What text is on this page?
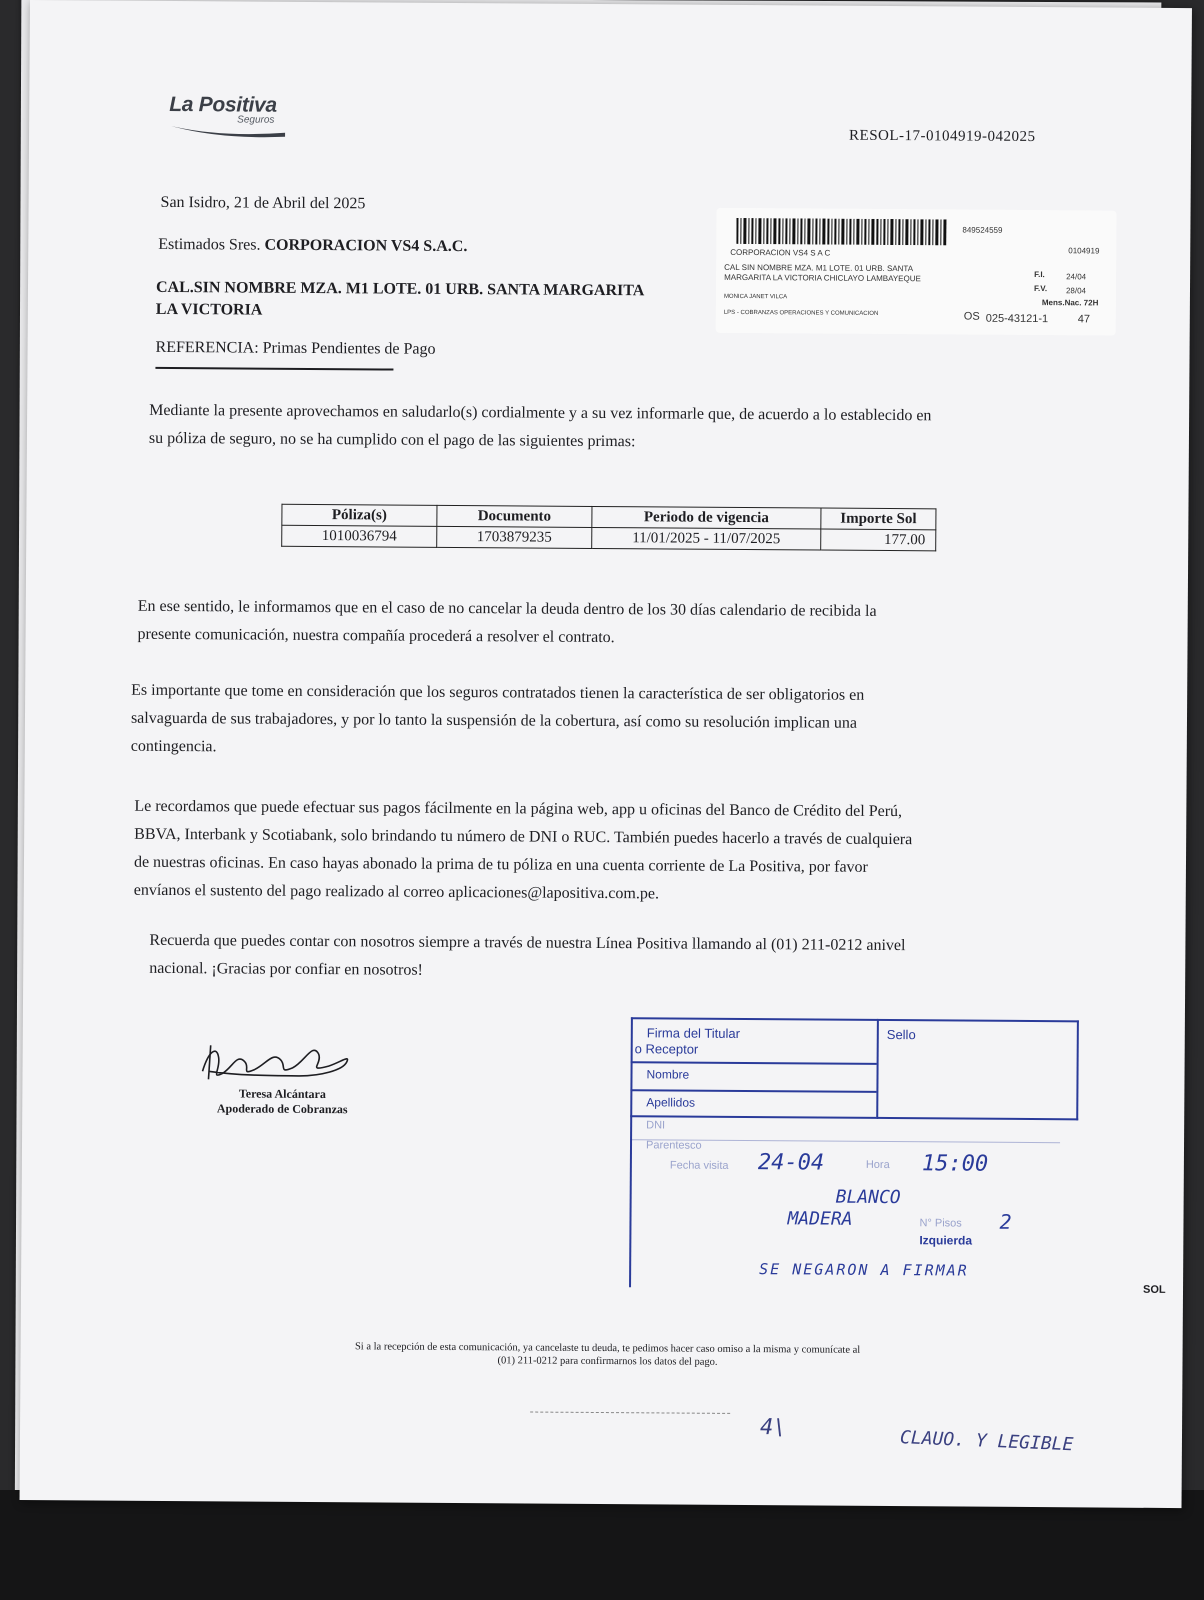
La Positiva
Seguros
RESOL-17-0104919-042025
San Isidro, 21 de Abril del 2025
Estimados Sres. CORPORACION VS4 S.A.C.
CAL.SIN NOMBRE MZA. M1 LOTE. 01 URB. SANTA MARGARITA
LA VICTORIA
REFERENCIA: Primas Pendientes de Pago
849524559
CORPORACION VS4 S A C	0104919
CAL SIN NOMBRE MZA. M1 LOTE. 01 URB. SANTA
MARGARITA LA VICTORIA CHICLAYO LAMBAYEQUE	F.I.	24/04
F.V. 28/04
Mens.Nac. 72H
MONICA JANET VILCA
LPS - COBRANZAS OPERACIONES Y COMUNICACION	OS 025-43121-1	47
Mediante la presente aprovechamos en saludarlo(s) cordialmente y a su vez informarle que, de acuerdo a lo establecido en
su póliza de seguro, no se ha cumplido con el pago de las siguientes primas:
Póliza(s)	Documento	Periodo de vigencia	Importe Sol
1010036794	1703879235	11/01/2025 - 11/07/2025	177.00
En ese sentido, le informamos que en el caso de no cancelar la deuda dentro de los 30 días calendario de recibida la
presente comunicación, nuestra compañía procederá a resolver el contrato.
Es importante que tome en consideración que los seguros contratados tienen la característica de ser obligatorios en
salvaguarda de sus trabajadores, y por lo tanto la suspensión de la cobertura, así como su resolución implican una
contingencia.
Le recordamos que puede efectuar sus pagos fácilmente en la página web, app u oficinas del Banco de Crédito del Perú,
BBVA, Interbank y Scotiabank, solo brindando tu número de DNI o RUC. También puedes hacerlo a través de cualquiera
de nuestras oficinas. En caso hayas abonado la prima de tu póliza en una cuenta corriente de La Positiva, por favor
envíanos el sustento del pago realizado al correo aplicaciones@lapositiva.com.pe.
Recuerda que puedes contar con nosotros siempre a través de nuestra Línea Positiva llamando al (01) 211-0212 anivel
nacional. ¡Gracias por confiar en nosotros!
Teresa Alcántara
Apoderado de Cobranzas
Firma del Titular
o Receptor
Sello
Nombre
Apellidos
DNI
Parentesco
Fecha visita	Hora
N° Pisos
Izquierda
24-04	15:00
BLANCO
MADERA	2
SE NEGARON A FIRMAR
SOL
Si a la recepción de esta comunicación, ya cancelaste tu deuda, te pedimos hacer caso omiso a la misma y comunícate al
(01) 211-0212 para confirmarnos los datos del pago.
4\	CLAUO. Y LEGIBLE
